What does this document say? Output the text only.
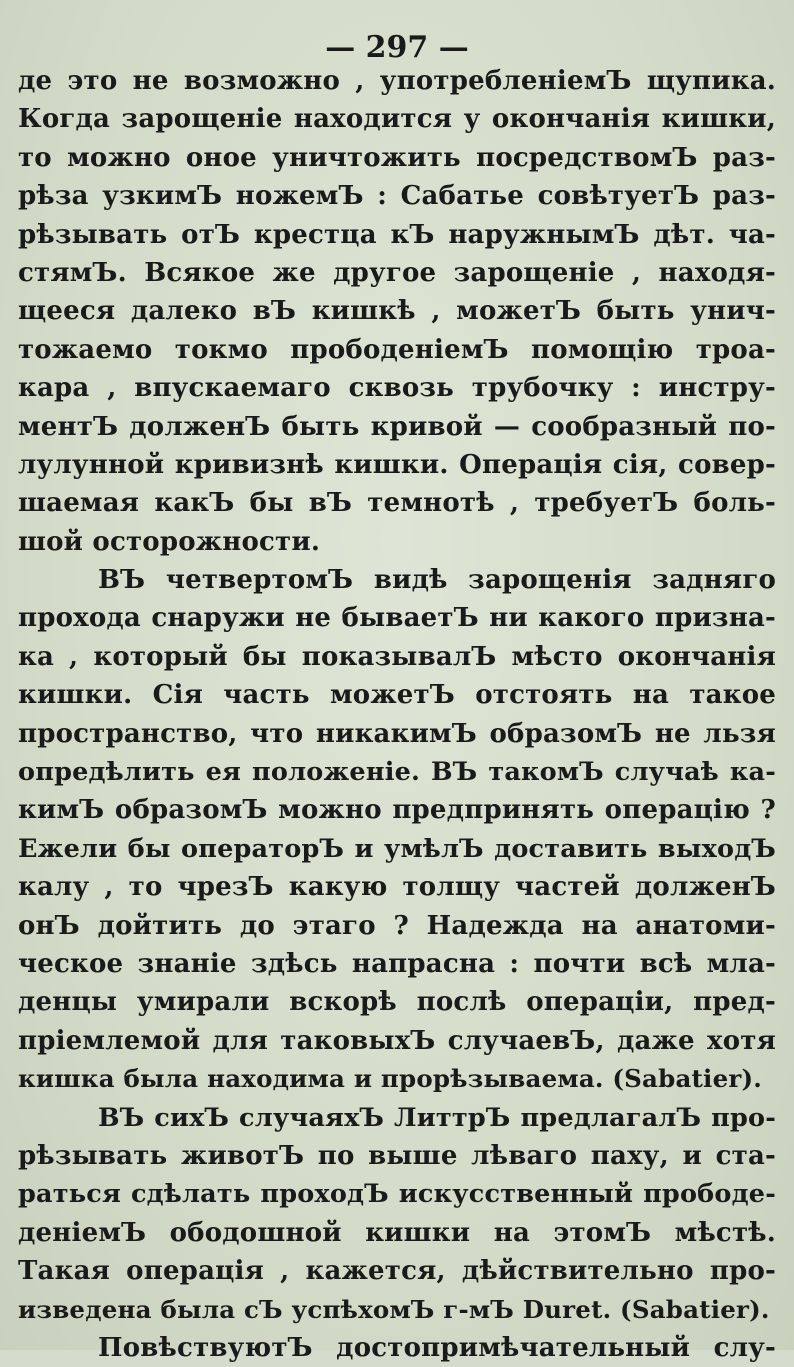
— 297 —
де это не возможно , употребленіемЪ щупика.
Когда зарощеніе находится у окончанія кишки,
то можно оное уничтожить посредствомЪ раз-
рѣза узкимЪ ножемЪ : Сабатье совѣтуетЪ раз-
рѣзывать отЪ крестца кЪ наружнымЪ дѣт. ча-
стямЪ. Всякое же другое зарощеніе , находя-
щееся далеко вЪ кишкѣ , можетЪ быть унич-
тожаемо токмо прободеніемЪ помощію троа-
кара , впускаемаго сквозь трубочку : инстру-
ментЪ долженЪ быть кривой — сообразный по-
лулунной кривизнѣ кишки. Операція сія, совер-
шаемая какЪ бы вЪ темнотѣ , требуетЪ боль-
шой осторожности.
ВЪ четвертомЪ видѣ зарощенія задняго
прохода снаружи не бываетЪ ни какого призна-
ка , который бы показывалЪ мѣсто окончанія
кишки. Сія часть можетЪ отстоять на такое
пространство, что никакимЪ образомЪ не льзя
опредѣлить ея положеніе. ВЪ такомЪ случаѣ ка-
кимЪ образомЪ можно предпринять операцію ?
Ежели бы операторЪ и умѣлЪ доставить выходЪ
калу , то чрезЪ какую толщу частей долженЪ
онЪ дойтить до этаго ? Надежда на анатоми-
ческое знаніе здѣсь напрасна : почти всѣ мла-
денцы умирали вскорѣ послѣ операціи, пред-
пріемлемой для таковыхЪ случаевЪ, даже хотя
кишка была находима и прорѣзываема. (Sabatier).
ВЪ сихЪ случаяхЪ ЛиттрЪ предлагалЪ про-
рѣзывать животЪ по выше лѣваго паху, и ста-
раться сдѣлать проходЪ искусственный прободе-
деніемЪ ободошной кишки на этомЪ мѣстѣ.
Такая операція , кажется, дѣйствительно про-
изведена была сЪ успѣхомЪ г-мЪ Duret. (Sabatier).
ПовѣствуютЪ достопримѣчательный слу-
